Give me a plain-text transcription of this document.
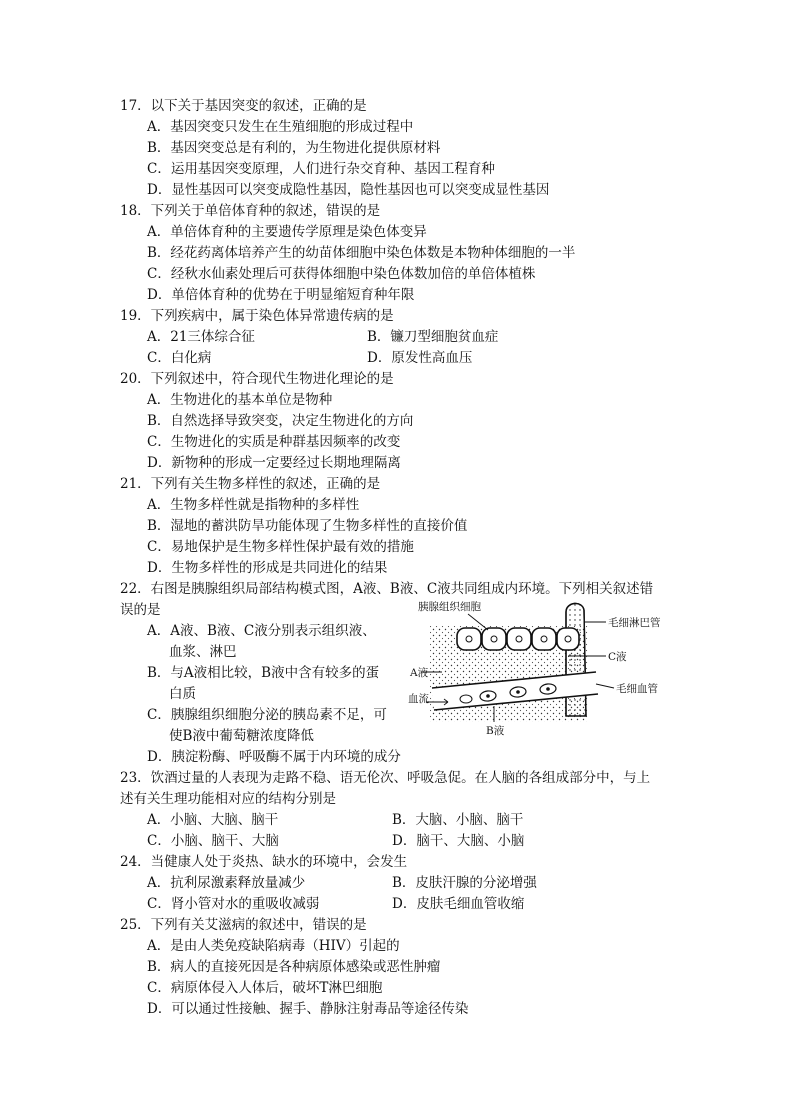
17．以下关于基因突变的叙述，正确的是
A．基因突变只发生在生殖细胞的形成过程中
B．基因突变总是有利的，为生物进化提供原材料
C．运用基因突变原理，人们进行杂交育种、基因工程育种
D．显性基因可以突变成隐性基因，隐性基因也可以突变成显性基因
18．下列关于单倍体育种的叙述，错误的是
A．单倍体育种的主要遗传学原理是染色体变异
B．经花药离体培养产生的幼苗体细胞中染色体数是本物种体细胞的一半
C．经秋水仙素处理后可获得体细胞中染色体数加倍的单倍体植株
D．单倍体育种的优势在于明显缩短育种年限
19．下列疾病中，属于染色体异常遗传病的是
A．21三体综合征	B．镰刀型细胞贫血症
C．白化病	D．原发性高血压
20．下列叙述中，符合现代生物进化理论的是
A．生物进化的基本单位是物种
B．自然选择导致突变，决定生物进化的方向
C．生物进化的实质是种群基因频率的改变
D．新物种的形成一定要经过长期地理隔离
21．下列有关生物多样性的叙述，正确的是
A．生物多样性就是指物种的多样性
B．湿地的蓄洪防旱功能体现了生物多样性的直接价值
C．易地保护是生物多样性保护最有效的措施
D．生物多样性的形成是共同进化的结果
22．右图是胰腺组织局部结构模式图，A液、B液、C液共同组成内环境。下列相关叙述错
误的是
A．A液、B液、C液分别表示组织液、
血浆、淋巴
B．与A液相比较，B液中含有较多的蛋
白质
C．胰腺组织细胞分泌的胰岛素不足，可
使B液中葡萄糖浓度降低
D．胰淀粉酶、呼吸酶不属于内环境的成分
胰腺组织细胞
毛细淋巴管
C液
A液
毛细血管
血流
B液
23．饮酒过量的人表现为走路不稳、语无伦次、呼吸急促。在人脑的各组成部分中，与上
述有关生理功能相对应的结构分别是
A．小脑、大脑、脑干	B．大脑、小脑、脑干
C．小脑、脑干、大脑	D．脑干、大脑、小脑
24．当健康人处于炎热、缺水的环境中，会发生
A．抗利尿激素释放量减少	B．皮肤汗腺的分泌增强
C．肾小管对水的重吸收减弱	D．皮肤毛细血管收缩
25．下列有关艾滋病的叙述中，错误的是
A．是由人类免疫缺陷病毒（HIV）引起的
B．病人的直接死因是各种病原体感染或恶性肿瘤
C．病原体侵入人体后，破坏T淋巴细胞
D．可以通过性接触、握手、静脉注射毒品等途径传染
